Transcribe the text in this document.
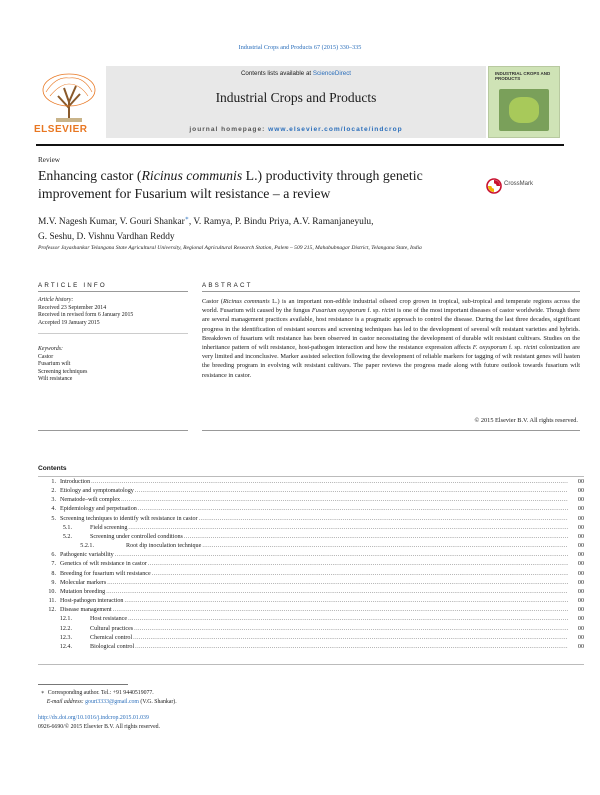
Industrial Crops and Products 67 (2015) 330–335
ELSEVIER
Contents lists available at ScienceDirect
Industrial Crops and Products
journal homepage: www.elsevier.com/locate/indcrop
INDUSTRIAL CROPS AND PRODUCTS
Review
Enhancing castor (Ricinus communis L.) productivity through genetic improvement for Fusarium wilt resistance – a review
CrossMark
M.V. Nagesh Kumar, V. Gouri Shankar∗, V. Ramya, P. Bindu Priya, A.V. Ramanjaneyulu,
G. Seshu, D. Vishnu Vardhan Reddy
Professor Jayashankar Telangana State Agricultural University, Regional Agricultural Research Station, Palem – 509 215, Mahabubnagar District, Telangana State, India
ARTICLE INFO	ABSTRACT
Article history:
Received 23 September 2014
Received in revised form 6 January 2015
Accepted 19 January 2015
Keywords:
Castor
Fusarium wilt
Screening techniques
Wilt resistance
Castor (Ricinus communis L.) is an important non-edible industrial oilseed crop grown in tropical, sub-tropical and temperate regions across the world. Fusarium wilt caused by the fungus Fusarium oxysporum f. sp. ricini is one of the most important diseases of castor worldwide. Though there are several management practices available, host resistance is a pragmatic approach to control the disease. During the last three decades, significant progress in the identification of resistant sources and screening techniques has led to the development of several wilt resistant varieties and hybrids. Breakdown of fusarium wilt resistance has been observed in castor necessitating the development of durable wilt resistant cultivars. Studies on the inheritance pattern of wilt resistance, host-pathogen interaction and how the resistance expression affects F. oxysporum f. sp. ricini colonization are very limited and inconclusive. Marker assisted selection following the development of reliable markers for tagging of wilt resistant genes will hasten the breeding program in evolving wilt resistant cultivars. The paper reviews the progress made along with future outlook towards fusarium wilt resistance in castor.
© 2015 Elsevier B.V. All rights reserved.
Contents
1. Introduction .....	00
2. Etiology and symptomatology .....	00
3. Nematode–wilt complex .....	00
4. Epidemiology and perpetuation .....	00
5. Screening techniques to identify wilt resistance in castor .....	00
5.1.	Field screening .....	00
5.2.	Screening under controlled conditions .....	00
5.2.1.	Root dip inoculation technique .....	00
6. Pathogenic variability .....	00
7. Genetics of wilt resistance in castor .....	00
8. Breeding for fusarium wilt resistance .....	00
9. Molecular markers .....	00
10. Mutation breeding .....	00
11. Host-pathogen interaction .....	00
12. Disease management .....	00
12.1.	Host resistance .....	00
12.2.	Cultural practices .....	00
12.3.	Chemical control .....	00
12.4.	Biological control .....	00
∗ Corresponding author. Tel.: +91 9440519077.
E-mail address: gouri3333@gmail.com (V.G. Shankar).
http://dx.doi.org/10.1016/j.indcrop.2015.01.039
0926-6690/© 2015 Elsevier B.V. All rights reserved.
